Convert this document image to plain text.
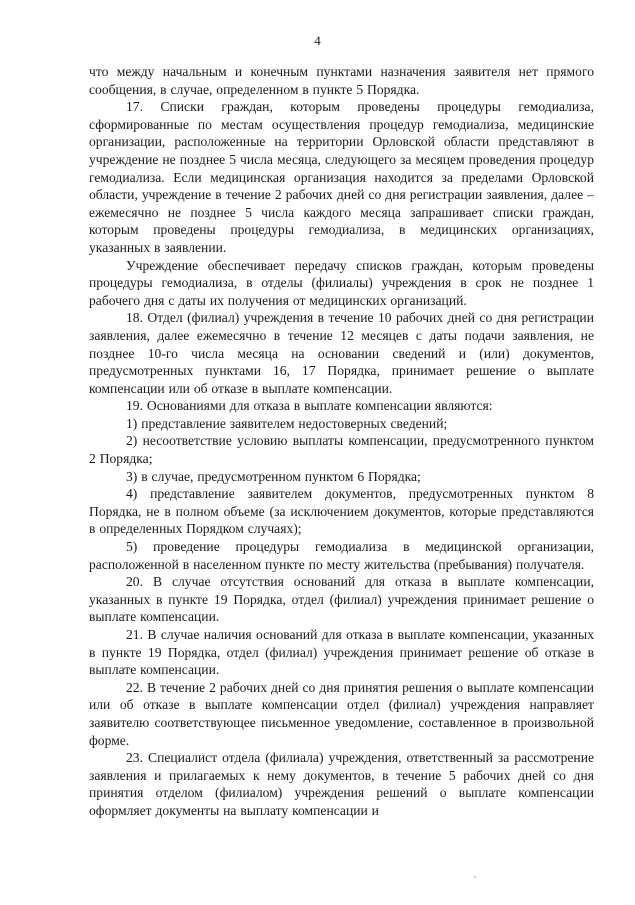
4

что между начальным и конечным пунктами назначения заявителя нет прямого сообщения, в случае, определенном в пункте 5 Порядка.

17. Списки граждан, которым проведены процедуры гемодиализа, сформированные по местам осуществления процедур гемодиализа, медицинские организации, расположенные на территории Орловской области представляют в учреждение не позднее 5 числа месяца, следующего за месяцем проведения процедур гемодиализа. Если медицинская организация находится за пределами Орловской области, учреждение в течение 2 рабочих дней со дня регистрации заявления, далее – ежемесячно не позднее 5 числа каждого месяца запрашивает списки граждан, которым проведены процедуры гемодиализа, в медицинских организациях, указанных в заявлении.

Учреждение обеспечивает передачу списков граждан, которым проведены процедуры гемодиализа, в отделы (филиалы) учреждения в срок не позднее 1 рабочего дня с даты их получения от медицинских организаций.

18. Отдел (филиал) учреждения в течение 10 рабочих дней со дня регистрации заявления, далее ежемесячно в течение 12 месяцев с даты подачи заявления, не позднее 10-го числа месяца на основании сведений и (или) документов, предусмотренных пунктами 16, 17 Порядка, принимает решение о выплате компенсации или об отказе в выплате компенсации.

19. Основаниями для отказа в выплате компенсации являются:

1) представление заявителем недостоверных сведений;

2) несоответствие условию выплаты компенсации, предусмотренного пунктом 2 Порядка;

3) в случае, предусмотренном пунктом 6 Порядка;

4) представление заявителем документов, предусмотренных пунктом 8 Порядка, не в полном объеме (за исключением документов, которые представляются в определенных Порядком случаях);

5) проведение процедуры гемодиализа в медицинской организации, расположенной в населенном пункте по месту жительства (пребывания) получателя.

20. В случае отсутствия оснований для отказа в выплате компенсации, указанных в пункте 19 Порядка, отдел (филиал) учреждения принимает решение о выплате компенсации.

21. В случае наличия оснований для отказа в выплате компенсации, указанных в пункте 19 Порядка, отдел (филиал) учреждения принимает решение об отказе в выплате компенсации.

22. В течение 2 рабочих дней со дня принятия решения о выплате компенсации или об отказе в выплате компенсации отдел (филиал) учреждения направляет заявителю соответствующее письменное уведомление, составленное в произвольной форме.

23. Специалист отдела (филиала) учреждения, ответственный за рассмотрение заявления и прилагаемых к нему документов, в течение 5 рабочих дней со дня принятия отделом (филиалом) учреждения решений о выплате компенсации оформляет документы на выплату компенсации и
